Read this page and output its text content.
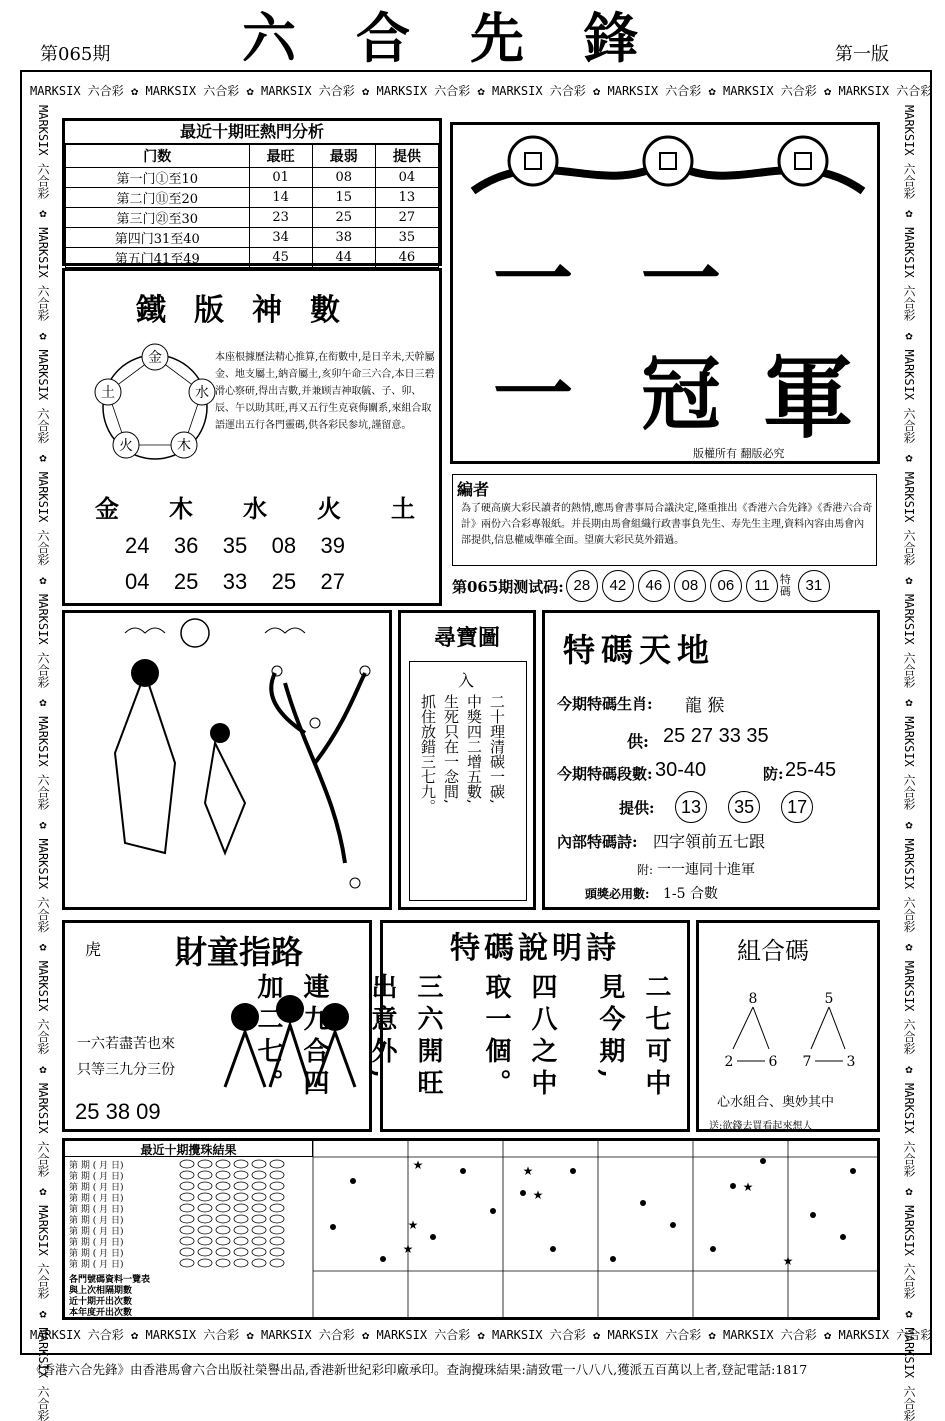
第065期 六合先鋒	第一版
MARKSIX 六合彩 ✿ MARKSIX 六合彩 ✿ MARKSIX 六合彩 ✿ MARKSIX 六合彩 ✿ MARKSIX 六合彩 ✿ MARKSIX 六合彩 ✿ MARKSIX 六合彩 ✿ MARKSIX 六合彩
MARKSIX 六合彩 ✿ MARKSIX 六合彩 ✿ MARKSIX 六合彩 ✿ MARKSIX 六合彩 ✿ MARKSIX 六合彩 ✿ MARKSIX 六合彩 ✿ MARKSIX 六合彩 ✿ MARKSIX 六合彩
MARKSIX 六合彩 ✿ MARKSIX 六合彩 ✿ MARKSIX 六合彩 ✿ MARKSIX 六合彩 ✿ MARKSIX 六合彩 ✿ MARKSIX 六合彩 ✿ MARKSIX 六合彩 ✿ MARKSIX 六合彩 ✿ MARKSIX 六合彩 ✿ MARKSIX 六合彩 ✿ MARKSIX 六合彩
MARKSIX 六合彩 ✿ MARKSIX 六合彩 ✿ MARKSIX 六合彩 ✿ MARKSIX 六合彩 ✿ MARKSIX 六合彩 ✿ MARKSIX 六合彩 ✿ MARKSIX 六合彩 ✿ MARKSIX 六合彩 ✿ MARKSIX 六合彩 ✿ MARKSIX 六合彩 ✿ MARKSIX 六合彩
最近十期旺熱門分析
门数	最旺	最弱	提供
第一门①至10	01	08	04
第二门⑪至20	14	15	13
第三门㉑至30	23	25	27
第四门31至40	34	38	35
第五门41至49	45	44	46
鐵版神數
金
水
木
火
土
本座根據歷法精心推算,在衔數中,是日辛未,天幹屬金、地支屬土,納音屬土,亥卯午命三六合,本日三碧 滑心察研,得出吉數,并兼顾吉神取毓、子、卯、辰、午以助其旺,再又五行生克衰侮關系,來組合取語運出五行各門靈碼,供各彩民参坑,謹留意。
金 木 水 火 土
24 36 35 08 39
04 25 33 25 27
一 一 一 冠 軍
版權所有 翻版必究
編者
為了硬高廣大彩民讀者的熱情,應馬會書事局合議決定,隆重推出《香港六合先鋒》《香港六合奇計》兩份六合彩專報紙。并長期由馬會組織行政書事負先生、寿先生主理,資料內容由馬會內部提供,信息權威準確全面。望廣大彩民莫外錯過。
第065期测试码: 28	42	46	08	06	11 特碼 31
尋寶圖
入
二十理清碳一碳,
中獎四二增五數,
生死只在一念間,
抓住放錯三七九。
特碼天地
今期特碼生肖: 龍 猴
供: 25 27 33 35
今期特碼段數: 30-40	防: 25-45
提供:	13 35 17
內部特碼詩: 四字領前五七跟
附: 一一連同十進軍
頭獎必用數: 1-5 合數
虎 財童指路
一六若盡苦也來
只等三九分三份
25 38 09
特碼說明詩
二七可中見今期,
四八之中取一個。
三六開旺出意外,
連九合四加二七。
組合碼
8
2	6
5
7	3
心水組合、奥妙其中
送:欲錢去買看起來想人
最近十期攪珠結果
第 期 ( 月 日)
第 期 ( 月 日)
第 期 ( 月 日)
第 期 ( 月 日)
第 期 ( 月 日)
第 期 ( 月 日)
第 期 ( 月 日)
第 期 ( 月 日)
第 期 ( 月 日)
第 期 ( 月 日)
各門號碼資料一覽表
與上次相隔期數
近十期开出次數
本年度开出次數
★	★
★
★
★
★
★
《香港六合先鋒》由香港馬會六合出版社榮譽出品,香港新世紀彩印廠承印。查詢攪珠結果:請致電一八八八,獲派五百萬以上者,登記電話:1817
